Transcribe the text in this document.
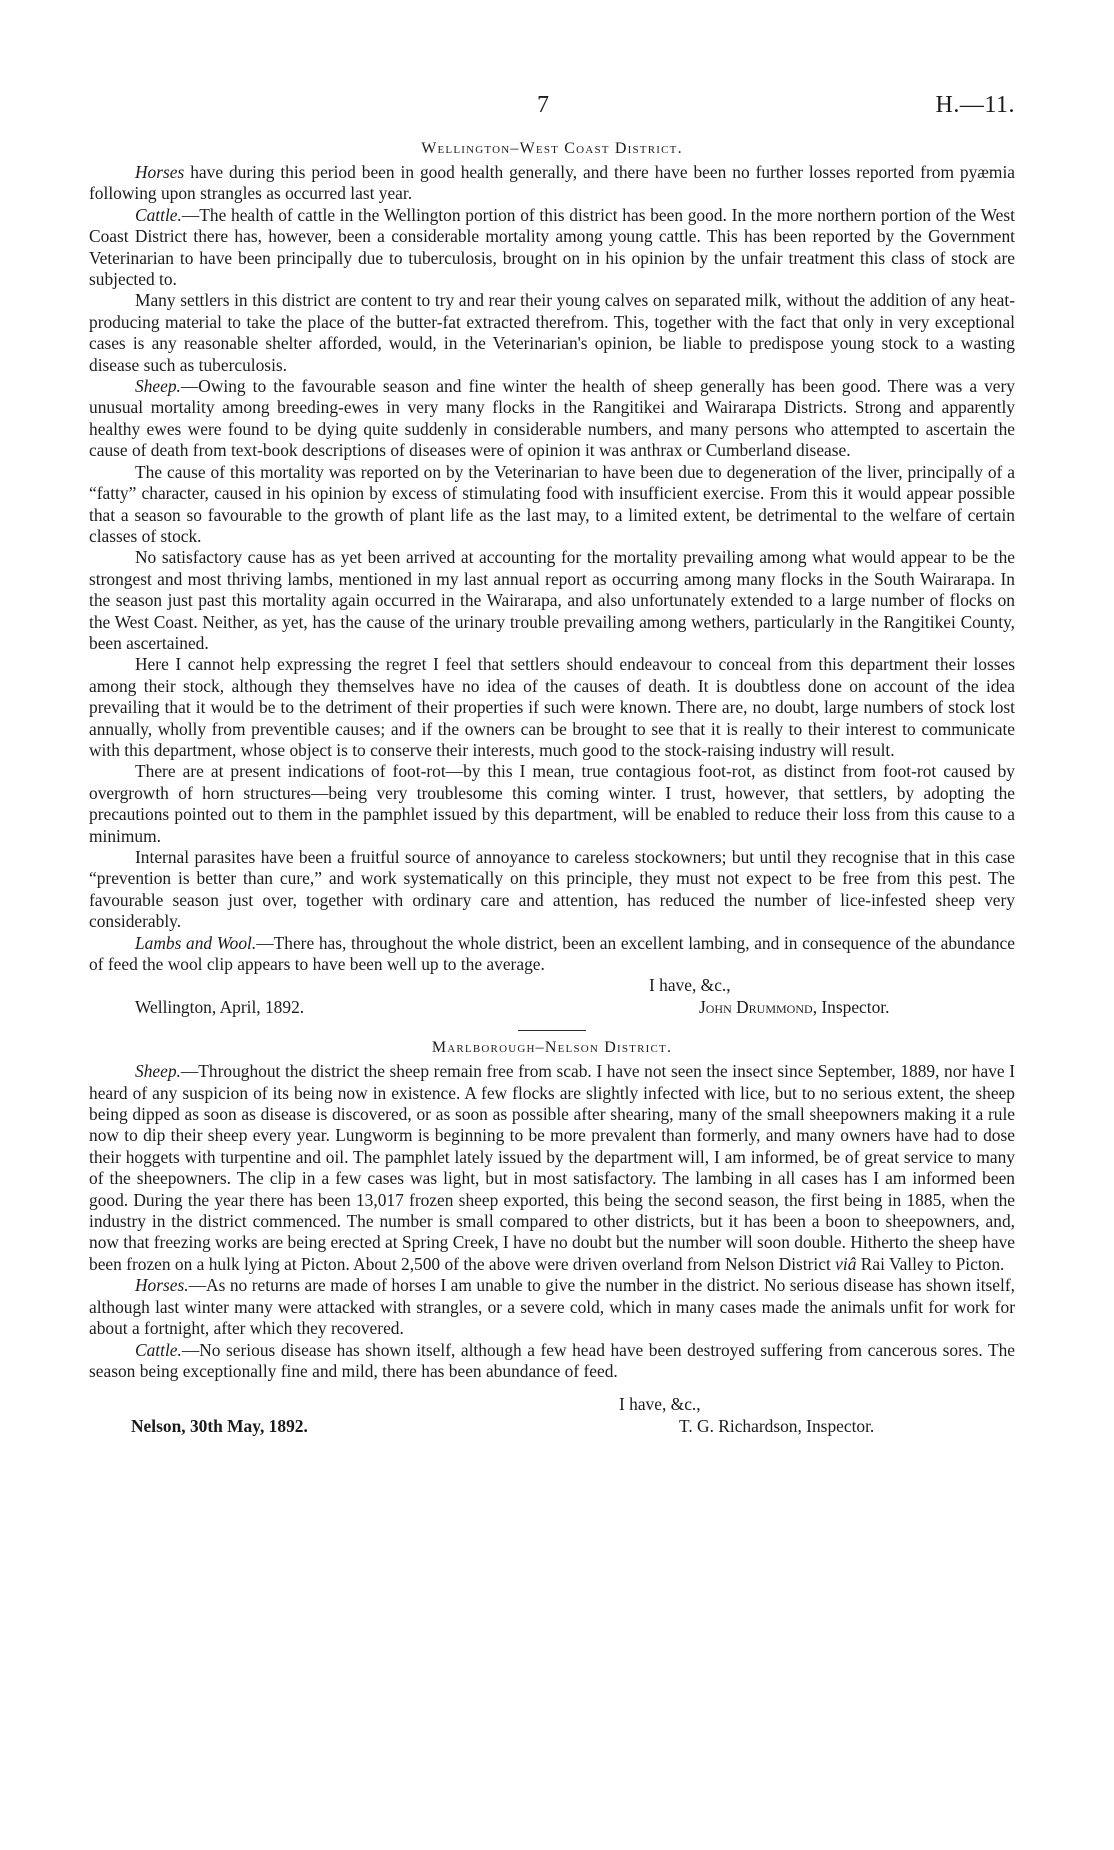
7	H.—11.
Wellington–West Coast District.

Horses have during this period been in good health generally, and there have been no further losses reported from pyæmia following upon strangles as occurred last year.

Cattle.—The health of cattle in the Wellington portion of this district has been good. In the more northern portion of the West Coast District there has, however, been a considerable mortality among young cattle. This has been reported by the Government Veterinarian to have been principally due to tuberculosis, brought on in his opinion by the unfair treatment this class of stock are subjected to.

Many settlers in this district are content to try and rear their young calves on separated milk, without the addition of any heat-producing material to take the place of the butter-fat extracted therefrom. This, together with the fact that only in very exceptional cases is any reasonable shelter afforded, would, in the Veterinarian's opinion, be liable to predispose young stock to a wasting disease such as tuberculosis.

Sheep.—Owing to the favourable season and fine winter the health of sheep generally has been good. There was a very unusual mortality among breeding-ewes in very many flocks in the Rangitikei and Wairarapa Districts. Strong and apparently healthy ewes were found to be dying quite suddenly in considerable numbers, and many persons who attempted to ascertain the cause of death from text-book descriptions of diseases were of opinion it was anthrax or Cumberland disease.

The cause of this mortality was reported on by the Veterinarian to have been due to degeneration of the liver, principally of a “fatty” character, caused in his opinion by excess of stimulating food with insufficient exercise. From this it would appear possible that a season so favourable to the growth of plant life as the last may, to a limited extent, be detrimental to the welfare of certain classes of stock.

No satisfactory cause has as yet been arrived at accounting for the mortality prevailing among what would appear to be the strongest and most thriving lambs, mentioned in my last annual report as occurring among many flocks in the South Wairarapa. In the season just past this mortality again occurred in the Wairarapa, and also unfortunately extended to a large number of flocks on the West Coast. Neither, as yet, has the cause of the urinary trouble prevailing among wethers, particularly in the Rangitikei County, been ascertained.

Here I cannot help expressing the regret I feel that settlers should endeavour to conceal from this department their losses among their stock, although they themselves have no idea of the causes of death. It is doubtless done on account of the idea prevailing that it would be to the detriment of their properties if such were known. There are, no doubt, large numbers of stock lost annually, wholly from preventible causes; and if the owners can be brought to see that it is really to their interest to communicate with this department, whose object is to conserve their interests, much good to the stock-raising industry will result.

There are at present indications of foot-rot—by this I mean, true contagious foot-rot, as distinct from foot-rot caused by overgrowth of horn structures—being very troublesome this coming winter. I trust, however, that settlers, by adopting the precautions pointed out to them in the pamphlet issued by this department, will be enabled to reduce their loss from this cause to a minimum.

Internal parasites have been a fruitful source of annoyance to careless stockowners; but until they recognise that in this case “prevention is better than cure,” and work systematically on this principle, they must not expect to be free from this pest. The favourable season just over, together with ordinary care and attention, has reduced the number of lice-infested sheep very considerably.

Lambs and Wool.—There has, throughout the whole district, been an excellent lambing, and in consequence of the abundance of feed the wool clip appears to have been well up to the average.

I have, &c.,
Wellington, April, 1892.	John Drummond, Inspector.
Marlborough–Nelson District.

Sheep.—Throughout the district the sheep remain free from scab. I have not seen the insect since September, 1889, nor have I heard of any suspicion of its being now in existence. A few flocks are slightly infected with lice, but to no serious extent, the sheep being dipped as soon as disease is discovered, or as soon as possible after shearing, many of the small sheepowners making it a rule now to dip their sheep every year. Lungworm is beginning to be more prevalent than formerly, and many owners have had to dose their hoggets with turpentine and oil. The pamphlet lately issued by the department will, I am informed, be of great service to many of the sheepowners. The clip in a few cases was light, but in most satisfactory. The lambing in all cases has I am informed been good. During the year there has been 13,017 frozen sheep exported, this being the second season, the first being in 1885, when the industry in the district commenced. The number is small compared to other districts, but it has been a boon to sheepowners, and, now that freezing works are being erected at Spring Creek, I have no doubt but the number will soon double. Hitherto the sheep have been frozen on a hulk lying at Picton. About 2,500 of the above were driven overland from Nelson District viâ Rai Valley to Picton.

Horses.—As no returns are made of horses I am unable to give the number in the district. No serious disease has shown itself, although last winter many were attacked with strangles, or a severe cold, which in many cases made the animals unfit for work for about a fortnight, after which they recovered.

Cattle.—No serious disease has shown itself, although a few head have been destroyed suffering from cancerous sores. The season being exceptionally fine and mild, there has been abundance of feed.

I have, &c.,
Nelson, 30th May, 1892.	T. G. Richardson, Inspector.
